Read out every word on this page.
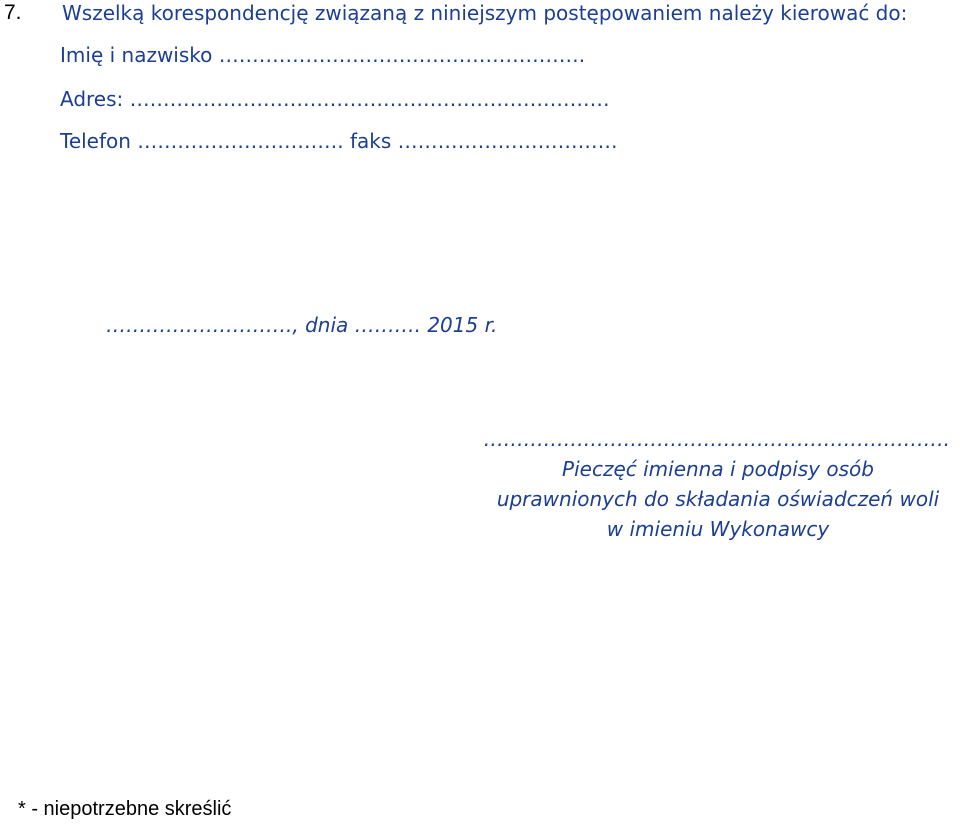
7. Wszelką korespondencję związaną z niniejszym postępowaniem należy kierować do:
Imię i nazwisko ……………………………………………….
Adres: ………………………………………………………………
Telefon …………………………. faks ……………………………
………………………., dnia ………. 2015 r.
…………………………………………………………….
Pieczęć imienna i podpisy osób
uprawnionych do składania oświadczeń woli
w imieniu Wykonawcy
* - niepotrzebne skreślić
